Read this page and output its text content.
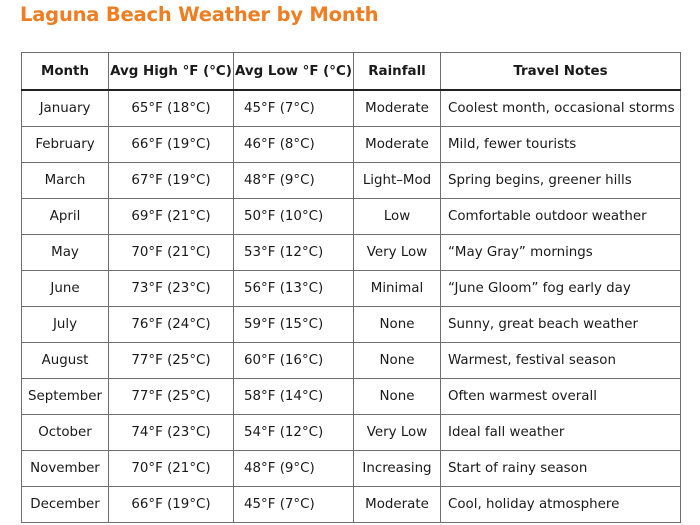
Laguna Beach Weather by Month
Month	Avg High °F (°C)	Avg Low °F (°C)	Rainfall	Travel Notes
January	65°F (18°C)	45°F (7°C)	Moderate	Coolest month, occasional storms
February	66°F (19°C)	46°F (8°C)	Moderate	Mild, fewer tourists
March	67°F (19°C)	48°F (9°C)	Light–Mod	Spring begins, greener hills
April	69°F (21°C)	50°F (10°C)	Low	Comfortable outdoor weather
May	70°F (21°C)	53°F (12°C)	Very Low	“May Gray” mornings
June	73°F (23°C)	56°F (13°C)	Minimal	“June Gloom” fog early day
July	76°F (24°C)	59°F (15°C)	None	Sunny, great beach weather
August	77°F (25°C)	60°F (16°C)	None	Warmest, festival season
September	77°F (25°C)	58°F (14°C)	None	Often warmest overall
October	74°F (23°C)	54°F (12°C)	Very Low	Ideal fall weather
November	70°F (21°C)	48°F (9°C)	Increasing	Start of rainy season
December	66°F (19°C)	45°F (7°C)	Moderate	Cool, holiday atmosphere
